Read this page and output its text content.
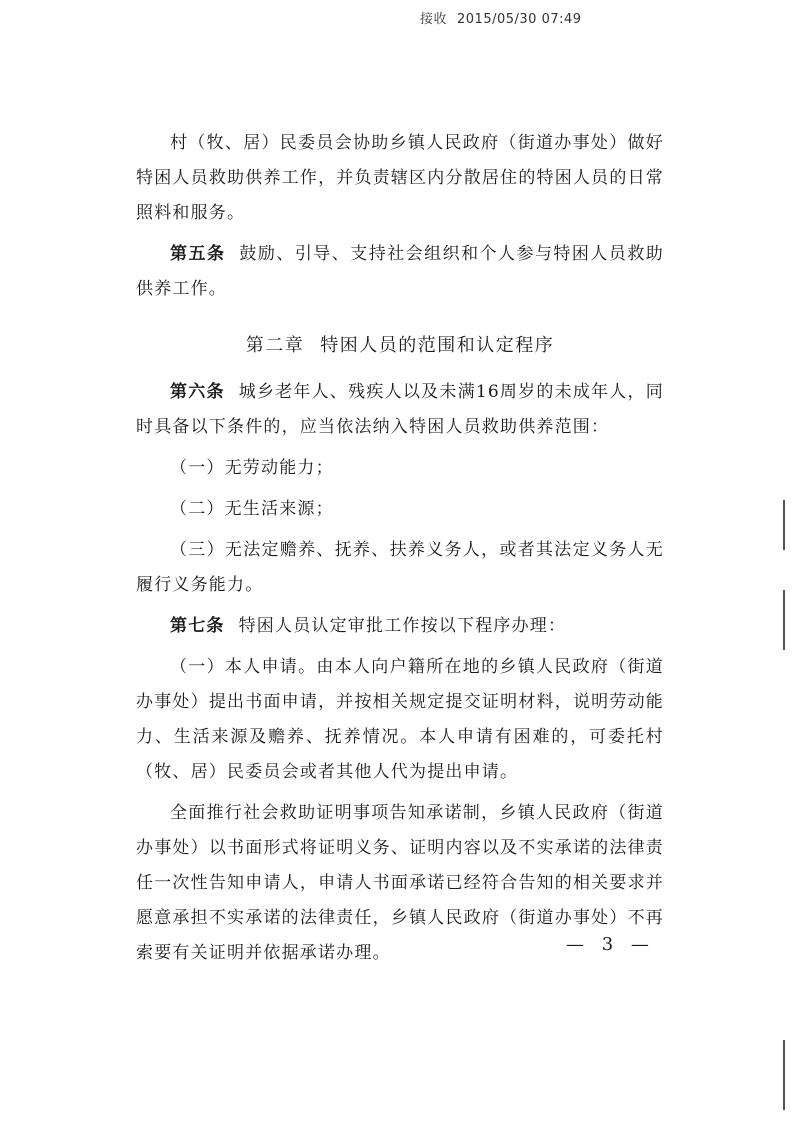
接收 2015/05/30 07:49

村（牧、居）民委员会协助乡镇人民政府（街道办事处）做好特困人员救助供养工作，并负责辖区内分散居住的特困人员的日常照料和服务。

第五条 鼓励、引导、支持社会组织和个人参与特困人员救助供养工作。

第二章 特困人员的范围和认定程序

第六条 城乡老年人、残疾人以及未满16周岁的未成年人，同时具备以下条件的，应当依法纳入特困人员救助供养范围：

（一）无劳动能力；

（二）无生活来源；

（三）无法定赡养、抚养、扶养义务人，或者其法定义务人无履行义务能力。

第七条 特困人员认定审批工作按以下程序办理：

（一）本人申请。由本人向户籍所在地的乡镇人民政府（街道办事处）提出书面申请，并按相关规定提交证明材料，说明劳动能力、生活来源及赡养、抚养情况。本人申请有困难的，可委托村（牧、居）民委员会或者其他人代为提出申请。

全面推行社会救助证明事项告知承诺制，乡镇人民政府（街道办事处）以书面形式将证明义务、证明内容以及不实承诺的法律责任一次性告知申请人，申请人书面承诺已经符合告知的相关要求并愿意承担不实承诺的法律责任，乡镇人民政府（街道办事处）不再索要有关证明并依据承诺办理。	— 3 —
